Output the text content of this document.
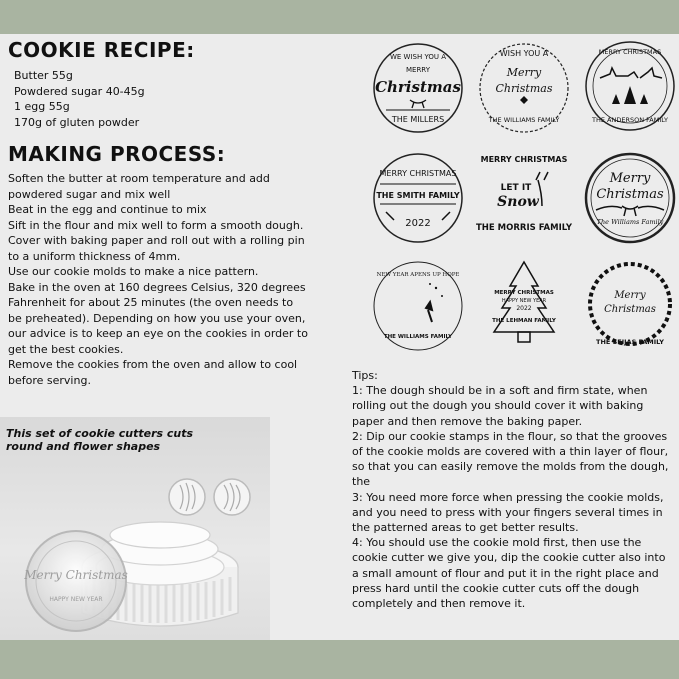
COOKIE RECIPE:
Butter 55g
Powdered sugar 40-45g
1 egg 55g
170g of gluten powder
MAKING PROCESS:
Soften the butter at room temperature and add powdered sugar and mix well
Beat in the egg and continue to mix
Sift in the flour and mix well to form a smooth dough.
Cover with baking paper and roll out with a rolling pin to a uniform thickness of 4mm.
Use our cookie molds to make a nice pattern.
Bake in the oven at 160 degrees Celsius, 320 degrees Fahrenheit for about 25 minutes (the oven needs to be preheated). Depending on how you use your oven, our advice is to keep an eye on the cookies in order to get the best cookies.
Remove the cookies from the oven and allow to cool before serving.
Merry Christmas
HAPPY NEW YEAR
This set of cookie cutters cuts
round and flower shapes
WE WISH YOU A
MERRY
Christmas
THE MILLERS
WISH YOU A
Merry
Christmas
THE WILLIAMS FAMILY
MERRY CHRISTMAS
THE ANDERSON FAMILY
MERRY CHRISTMAS
THE SMITH FAMILY
2022
MERRY CHRISTMAS
LET IT
Snow
THE MORRIS FAMILY
Merry
Christmas
The Williams Family
NEW YEAR APENS UP HOPE
THE WILLIAMS FAMILY
MERRY CHRISTMAS
HAPPY NEW YEAR
2022
THE LEHMAN FAMILY
Merry
Christmas
THE SEIJAS FAMILY
Tips:
1: The dough should be in a soft and firm state, when rolling out the dough you should cover it with baking paper and then remove the baking paper.
2: Dip our cookie stamps in the flour, so that the grooves of the cookie molds are covered with a thin layer of flour, so that you can easily remove the molds from the dough, the
3: You need more force when pressing the cookie molds, and you need to press with your fingers several times in the patterned areas to get better results.
4: You should use the cookie mold first, then use the cookie cutter we give you, dip the cookie cutter also into a small amount of flour and put it in the right place and press hard until the cookie cutter cuts off the dough completely and then remove it.
